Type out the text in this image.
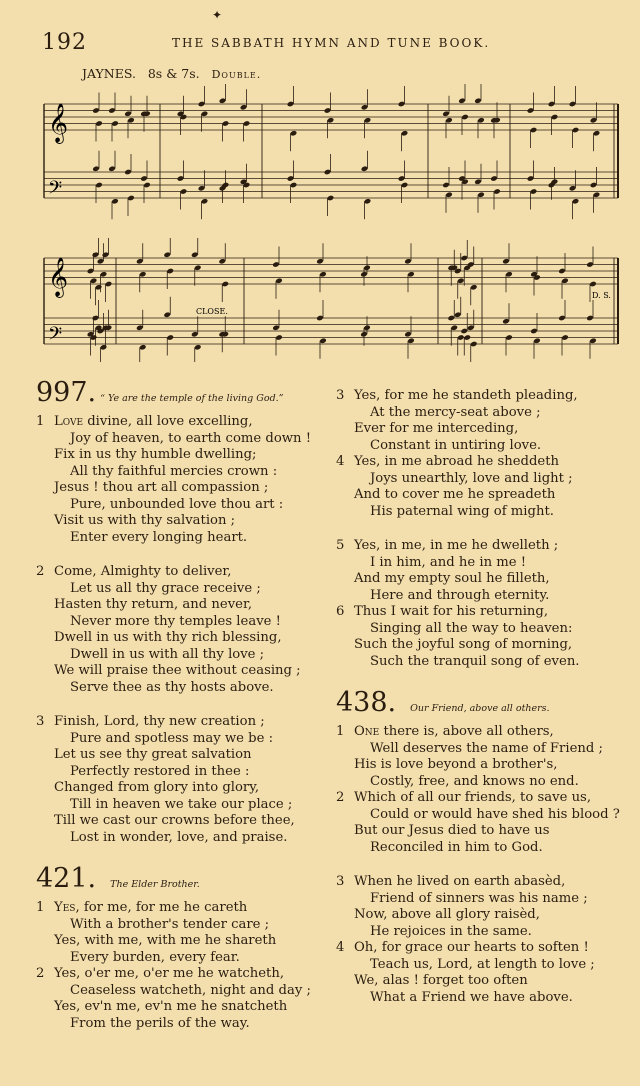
✦
192	THE SABBATH HYMN AND TUNE BOOK.
JAYNES. 8s & 7s. Double.
𝄞
𝄢
CLOSE.
D. S.
𝄞
𝄢
997. “ Ye are the temple of the living God.”
1 Love divine, all love excelling,
Joy of heaven, to earth come down !
Fix in us thy humble dwelling;
All thy faithful mercies crown :
Jesus ! thou art all compassion ;
Pure, unbounded love thou art :
Visit us with thy salvation ;
Enter every longing heart.
2 Come, Almighty to deliver,
Let us all thy grace receive ;
Hasten thy return, and never,
Never more thy temples leave !
Dwell in us with thy rich blessing,
Dwell in us with all thy love ;
We will praise thee without ceasing ;
Serve thee as thy hosts above.
3 Finish, Lord, thy new creation ;
Pure and spotless may we be :
Let us see thy great salvation
Perfectly restored in thee :
Changed from glory into glory,
Till in heaven we take our place ;
Till we cast our crowns before thee,
Lost in wonder, love, and praise.
421. The Elder Brother.
1 Yes, for me, for me he careth
With a brother's tender care ;
Yes, with me, with me he shareth
Every burden, every fear.
2 Yes, o'er me, o'er me he watcheth,
Ceaseless watcheth, night and day ;
Yes, ev'n me, ev'n me he snatcheth
From the perils of the way.
3 Yes, for me he standeth pleading,
At the mercy-seat above ;
Ever for me interceding,
Constant in untiring love.
4 Yes, in me abroad he sheddeth
Joys unearthly, love and light ;
And to cover me he spreadeth
His paternal wing of might.
5 Yes, in me, in me he dwelleth ;
I in him, and he in me !
And my empty soul he filleth,
Here and through eternity.
6 Thus I wait for his returning,
Singing all the way to heaven:
Such the joyful song of morning,
Such the tranquil song of even.
438. Our Friend, above all others.
1 One there is, above all others,
Well deserves the name of Friend ;
His is love beyond a brother's,
Costly, free, and knows no end.
2 Which of all our friends, to save us,
Could or would have shed his blood ?
But our Jesus died to have us
Reconciled in him to God.
3 When he lived on earth abasèd,
Friend of sinners was his name ;
Now, above all glory raisèd,
He rejoices in the same.
4 Oh, for grace our hearts to soften !
Teach us, Lord, at length to love ;
We, alas ! forget too often
What a Friend we have above.
